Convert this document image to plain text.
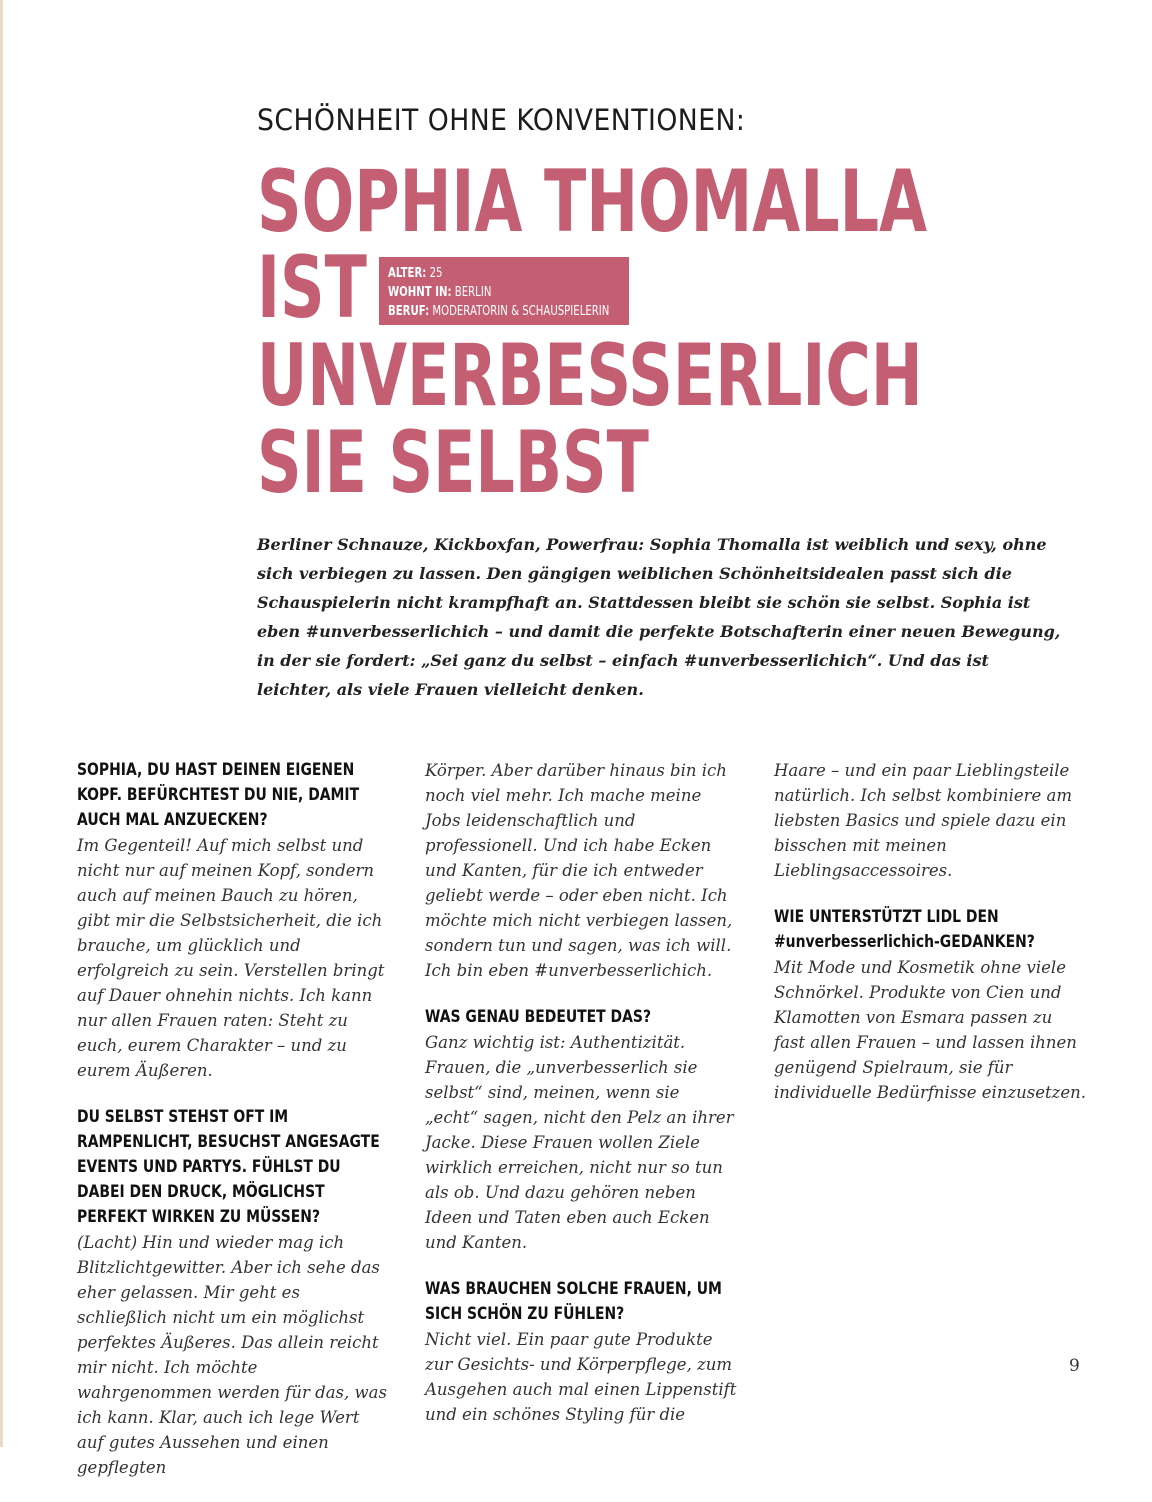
SCHÖNHEIT OHNE KONVENTIONEN:
SOPHIA THOMALLA
IST
UNVERBESSERLICH
SIE SELBST
ALTER: 25
WOHNT IN: BERLIN
BERUF: MODERATORIN & SCHAUSPIELERIN

Berliner Schnauze, Kickboxfan, Powerfrau: Sophia Thomalla ist weiblich und sexy, ohne sich verbiegen zu lassen. Den gängigen weiblichen Schönheitsidealen passt sich die Schauspielerin nicht krampfhaft an. Stattdessen bleibt sie schön sie selbst. Sophia ist eben #unverbesserlichich – und damit die perfekte Botschafterin einer neuen Bewegung, in der sie fordert: „Sei ganz du selbst – einfach #unverbesserlichich“. Und das ist leichter, als viele Frauen vielleicht denken.

SOPHIA, DU HAST DEINEN EIGENEN KOPF. BEFÜRCHTEST DU NIE, DAMIT AUCH MAL ANZUECKEN?

Im Gegenteil! Auf mich selbst und nicht nur auf meinen Kopf, sondern auch auf meinen Bauch zu hören, gibt mir die Selbstsicherheit, die ich brauche, um glücklich und erfolgreich zu sein. Verstellen bringt auf Dauer ohnehin nichts. Ich kann nur allen Frauen raten: Steht zu euch, eurem Charakter – und zu eurem Äußeren.

DU SELBST STEHST OFT IM RAMPENLICHT, BESUCHST ANGESAGTE EVENTS UND PARTYS. FÜHLST DU DABEI DEN DRUCK, MÖGLICHST PERFEKT WIRKEN ZU MÜSSEN?

(Lacht) Hin und wieder mag ich Blitzlichtgewitter. Aber ich sehe das eher gelassen. Mir geht es schließlich nicht um ein möglichst perfektes Äußeres. Das allein reicht mir nicht. Ich möchte wahrgenommen werden für das, was ich kann. Klar, auch ich lege Wert auf gutes Aussehen und einen gepflegten

Körper. Aber darüber hinaus bin ich noch viel mehr. Ich mache meine Jobs leidenschaftlich und professionell. Und ich habe Ecken und Kanten, für die ich entweder geliebt werde – oder eben nicht. Ich möchte mich nicht verbiegen lassen, sondern tun und sagen, was ich will. Ich bin eben #unverbesserlichich.

WAS GENAU BEDEUTET DAS?

Ganz wichtig ist: Authentizität. Frauen, die „unverbesserlich sie selbst“ sind, meinen, wenn sie „echt“ sagen, nicht den Pelz an ihrer Jacke. Diese Frauen wollen Ziele wirklich erreichen, nicht nur so tun als ob. Und dazu gehören neben Ideen und Taten eben auch Ecken und Kanten.

WAS BRAUCHEN SOLCHE FRAUEN, UM SICH SCHÖN ZU FÜHLEN?

Nicht viel. Ein paar gute Produkte zur Gesichts- und Körperpflege, zum Ausgehen auch mal einen Lippenstift und ein schönes Styling für die

Haare – und ein paar Lieblingsteile natürlich. Ich selbst kombiniere am liebsten Basics und spiele dazu ein bisschen mit meinen Lieblingsaccessoires.

WIE UNTERSTÜTZT LIDL DEN #unverbesserlichich-GEDANKEN?

Mit Mode und Kosmetik ohne viele Schnörkel. Produkte von Cien und Klamotten von Esmara passen zu fast allen Frauen – und lassen ihnen genügend Spielraum, sie für individuelle Bedürfnisse einzusetzen.

9
